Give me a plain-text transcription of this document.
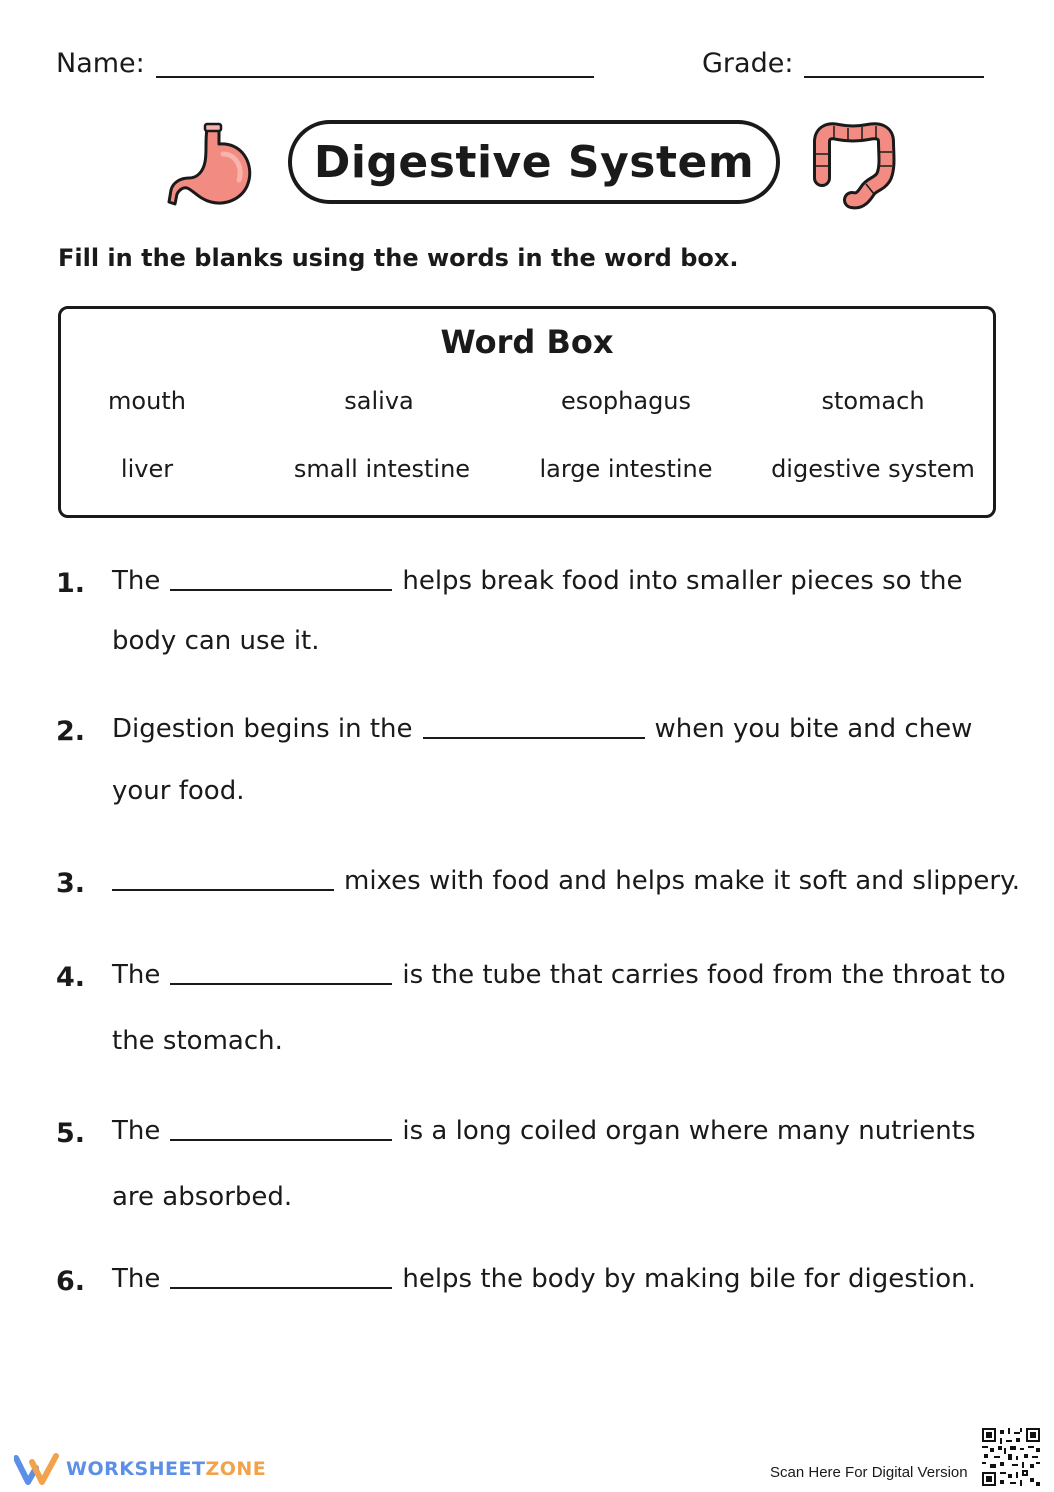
Name:	Grade:
Digestive System
Fill in the blanks using the words in the word box.
Word Box
mouth	saliva	esophagus	stomach
liver	small intestine	large intestine	digestive system
1. The	helps break food into smaller pieces so the
body can use it.
2. Digestion begins in the	when you bite and chew
your food.
3.	mixes with food and helps make it soft and slippery.
4. The	is the tube that carries food from the throat to
the stomach.
5. The	is a long coiled organ where many nutrients
are absorbed.
6. The	helps the body by making bile for digestion.
WORKSHEETZONE	Scan Here For Digital Version
